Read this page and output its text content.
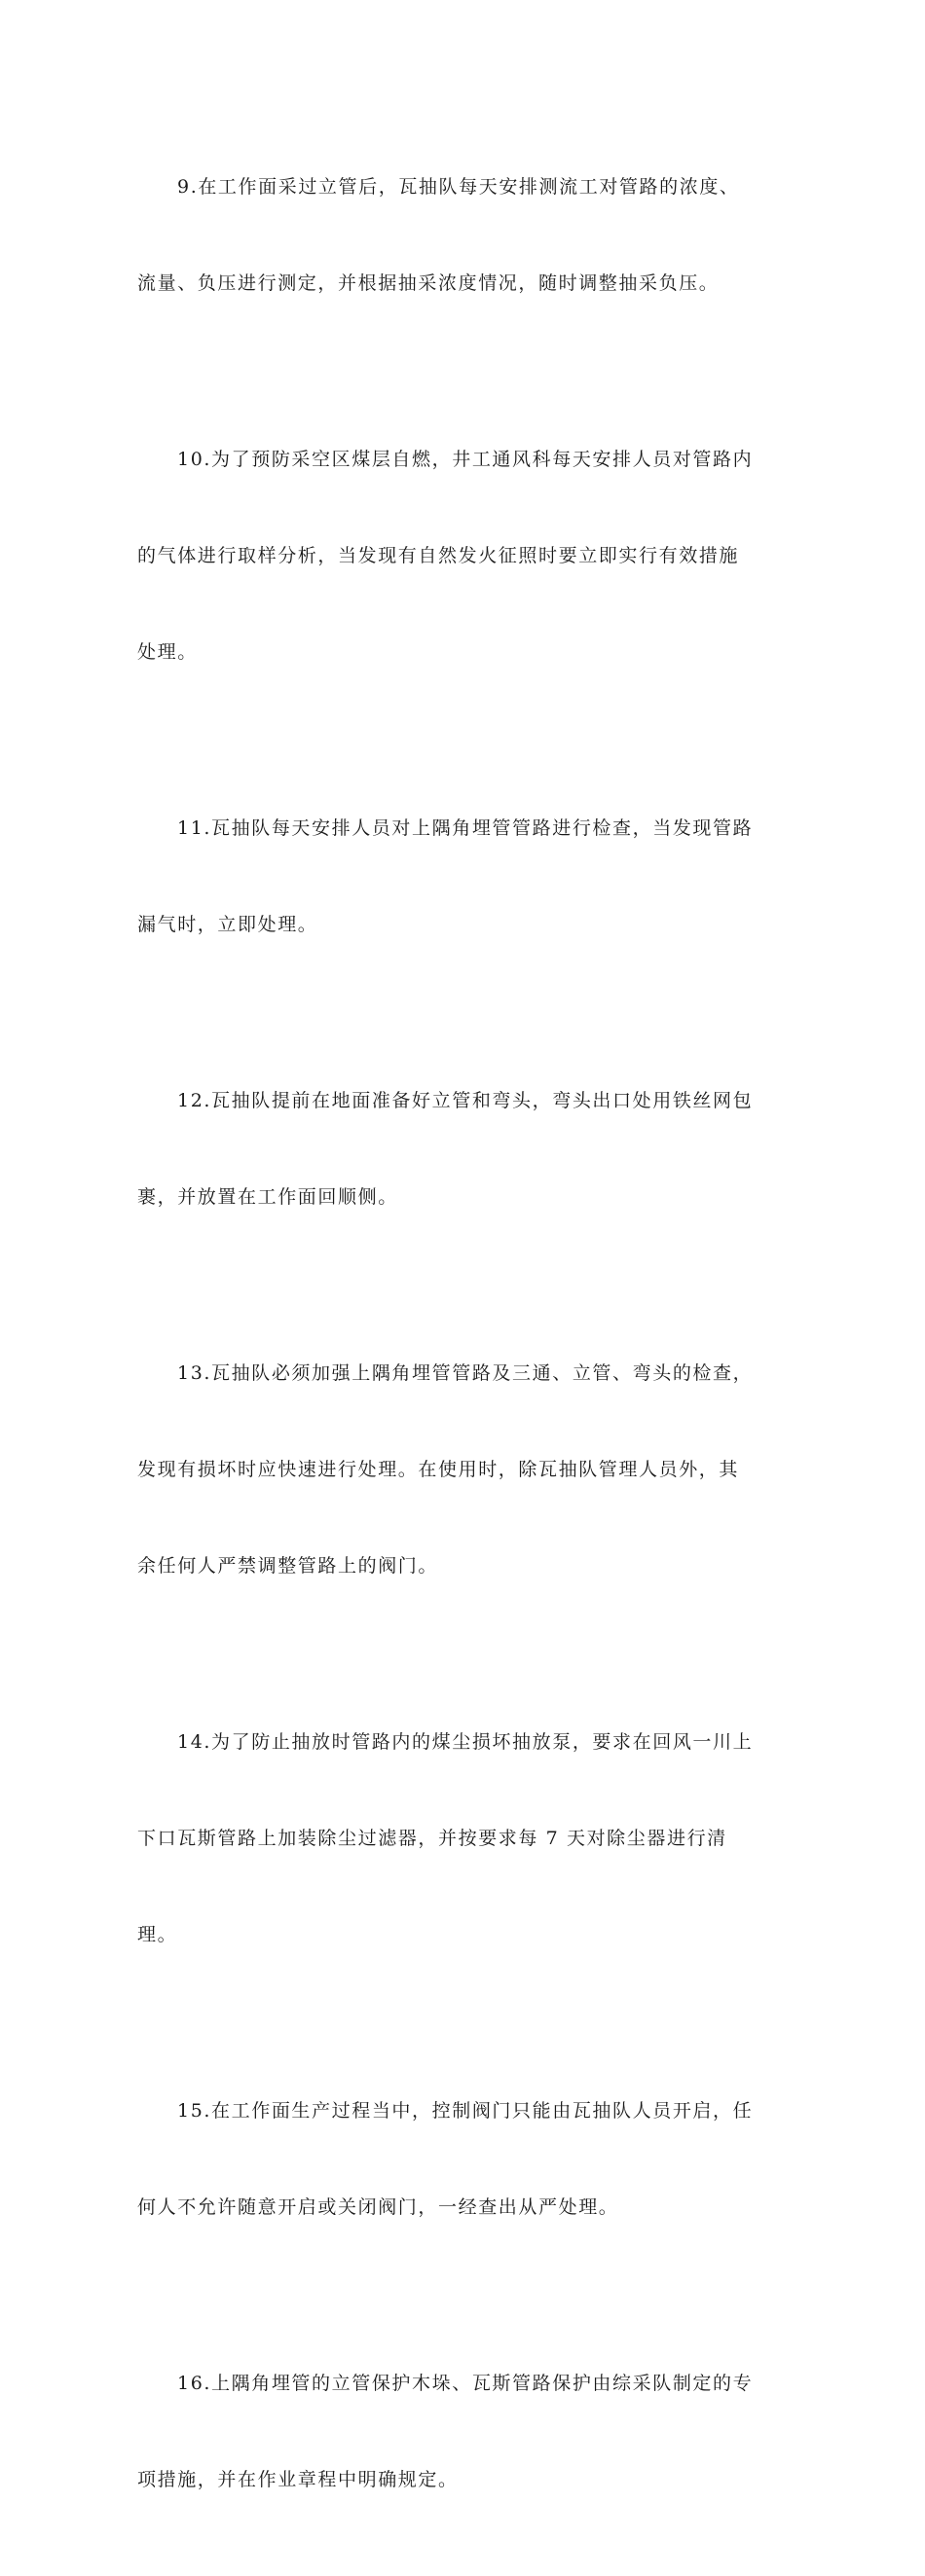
9.在工作面采过立管后，瓦抽队每天安排测流工对管路的浓度、

流量、负压进行测定，并根据抽采浓度情况，随时调整抽采负压。

10.为了预防采空区煤层自燃，井工通风科每天安排人员对管路内

的气体进行取样分析，当发现有自然发火征照时要立即实行有效措施

处理。

11.瓦抽队每天安排人员对上隅角埋管管路进行检查，当发现管路

漏气时，立即处理。

12.瓦抽队提前在地面准备好立管和弯头，弯头出口处用铁丝网包

裹，并放置在工作面回顺侧。

13.瓦抽队必须加强上隅角埋管管路及三通、立管、弯头的检查，

发现有损坏时应快速进行处理。在使用时，除瓦抽队管理人员外，其

余任何人严禁调整管路上的阀门。

14.为了防止抽放时管路内的煤尘损坏抽放泵，要求在回风一川上

下口瓦斯管路上加装除尘过滤器，并按要求每 7 天对除尘器进行清

理。

15.在工作面生产过程当中，控制阀门只能由瓦抽队人员开启，任

何人不允许随意开启或关闭阀门，一经查出从严处理。

16.上隅角埋管的立管保护木垛、瓦斯管路保护由综采队制定的专

项措施，并在作业章程中明确规定。
